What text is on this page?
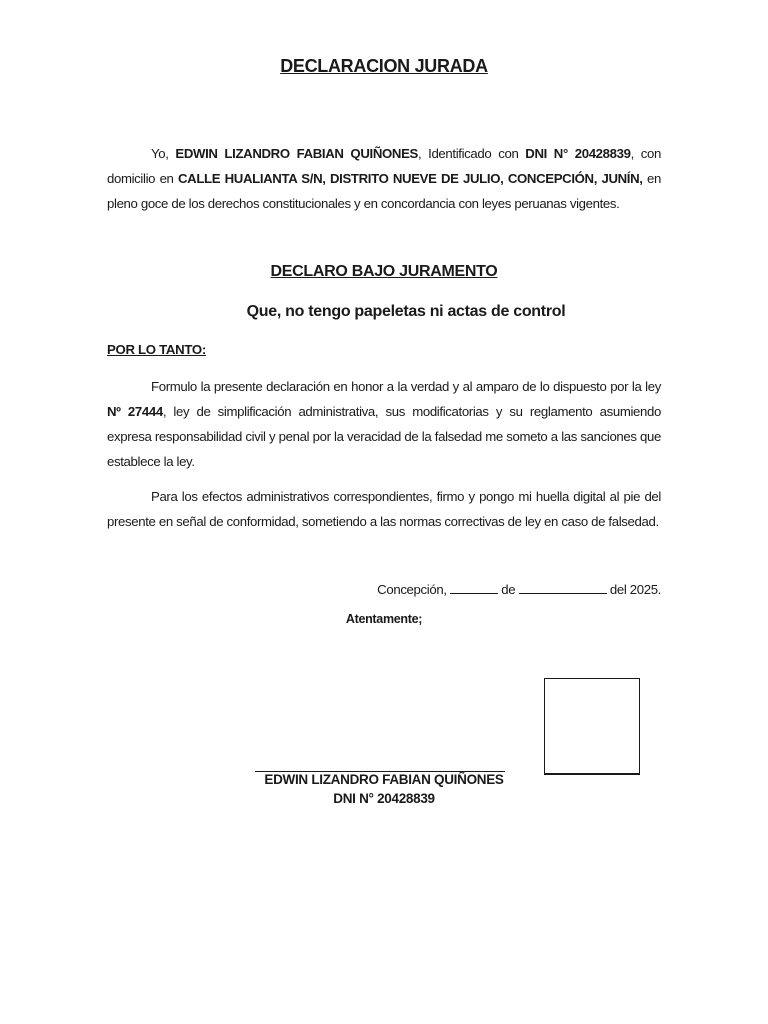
DECLARACION JURADA
Yo, EDWIN LIZANDRO FABIAN QUIÑONES, Identificado con DNI N° 20428839, con domicilio en CALLE HUALIANTA S/N, DISTRITO NUEVE DE JULIO, CONCEPCIÓN, JUNÍN, en pleno goce de los derechos constitucionales y en concordancia con leyes peruanas vigentes.
DECLARO BAJO JURAMENTO
Que, no tengo papeletas ni actas de control
POR LO TANTO:
Formulo la presente declaración en honor a la verdad y al amparo de lo dispuesto por la ley Nº 27444, ley de simplificación administrativa, sus modificatorias y su reglamento asumiendo expresa responsabilidad civil y penal por la veracidad de la falsedad me someto a las sanciones que establece la ley.
Para los efectos administrativos correspondientes, firmo y pongo mi huella digital al pie del presente en señal de conformidad, sometiendo a las normas correctivas de ley en caso de falsedad.
Concepción,	de	del 2025.
Atentamente;
EDWIN LIZANDRO FABIAN QUIÑONES
DNI N° 20428839
